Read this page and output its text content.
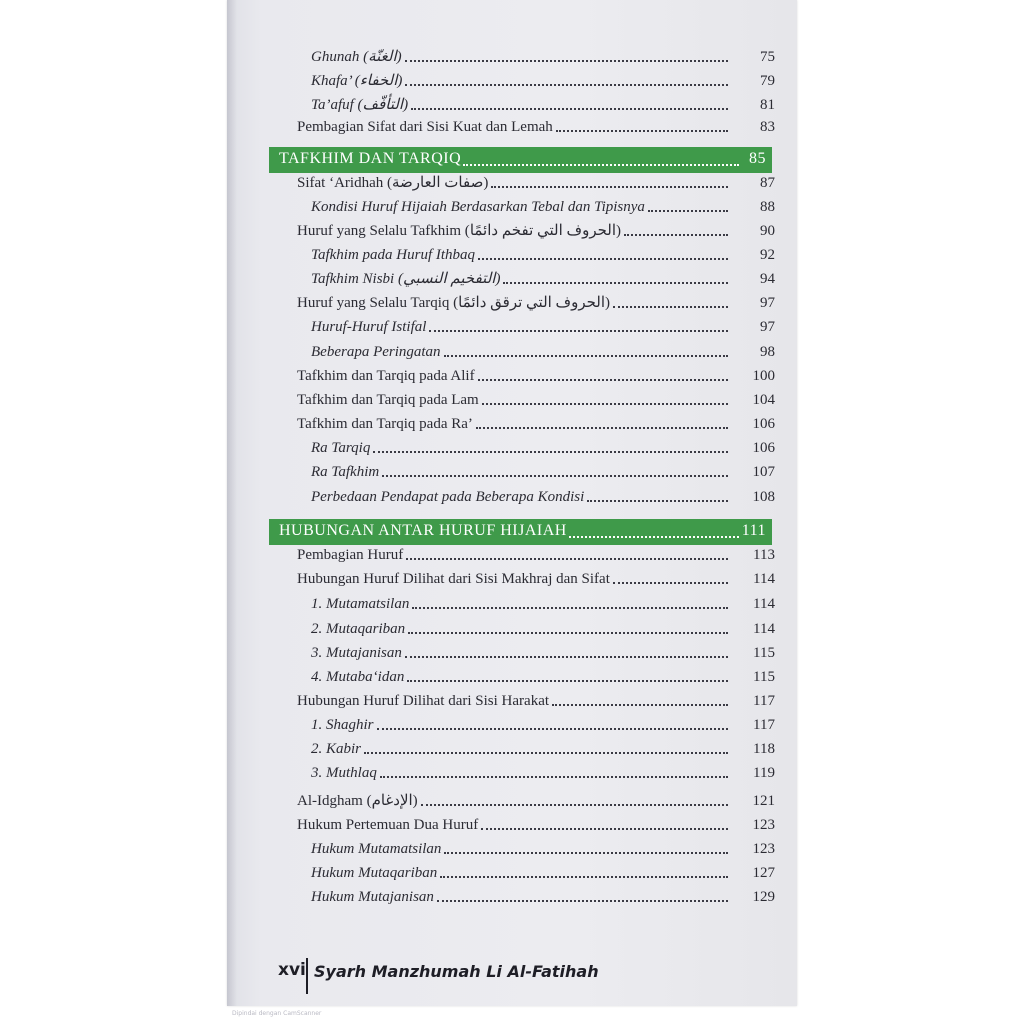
Ghunah (الغنّة)	75
Khafa’ (الخفاء)	79
Ta’afuf (التأفّف)	81
Pembagian Sifat dari Sisi Kuat dan Lemah	83
TAFKHIM DAN TARQIQ	85
Sifat ‘Aridhah (صفات العارضة)	87
Kondisi Huruf Hijaiah Berdasarkan Tebal dan Tipisnya	88
Huruf yang Selalu Tafkhim (الحروف التي تفخم دائمًا)	90
Tafkhim pada Huruf Ithbaq	92
Tafkhim Nisbi (التفخيم النسبي)	94
Huruf yang Selalu Tarqiq (الحروف التي ترقق دائمًا)	97
Huruf-Huruf Istifal	97
Beberapa Peringatan	98
Tafkhim dan Tarqiq pada Alif	100
Tafkhim dan Tarqiq pada Lam	104
Tafkhim dan Tarqiq pada Ra’	106
Ra Tarqiq	106
Ra Tafkhim	107
Perbedaan Pendapat pada Beberapa Kondisi	108
HUBUNGAN ANTAR HURUF HIJAIAH	111
Pembagian Huruf	113
Hubungan Huruf Dilihat dari Sisi Makhraj dan Sifat	114
1. Mutamatsilan	114
2. Mutaqariban	114
3. Mutajanisan	115
4. Mutaba‘idan	115
Hubungan Huruf Dilihat dari Sisi Harakat	117
1. Shaghir	117
2. Kabir	118
3. Muthlaq	119
Al-Idgham (الإدغام)	121
Hukum Pertemuan Dua Huruf	123
Hukum Mutamatsilan	123
Hukum Mutaqariban	127
Hukum Mutajanisan	129
xvi Syarh Manzhumah Li Al-Fatihah
Dipindai dengan CamScanner
